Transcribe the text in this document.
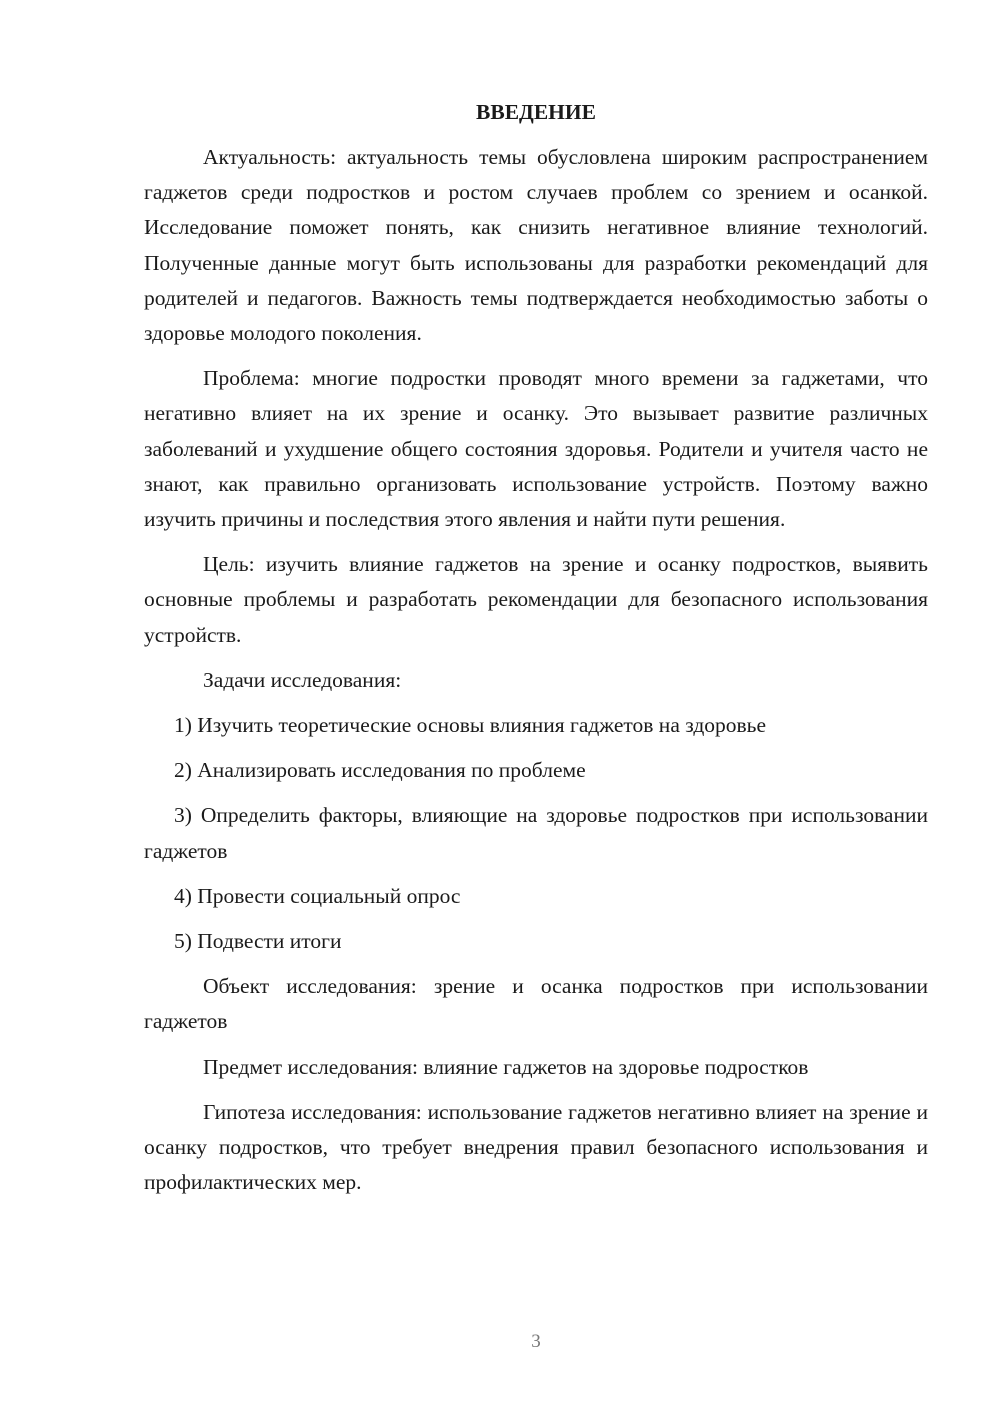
ВВЕДЕНИЕ

Актуальность: актуальность темы обусловлена широким распространением гаджетов среди подростков и ростом случаев проблем со зрением и осанкой. Исследование поможет понять, как снизить негативное влияние технологий. Полученные данные могут быть использованы для разработки рекомендаций для родителей и педагогов. Важность темы подтверждается необходимостью заботы о здоровье молодого поколения.

Проблема: многие подростки проводят много времени за гаджетами, что негативно влияет на их зрение и осанку. Это вызывает развитие различных заболеваний и ухудшение общего состояния здоровья. Родители и учителя часто не знают, как правильно организовать использование устройств. Поэтому важно изучить причины и последствия этого явления и найти пути решения.

Цель: изучить влияние гаджетов на зрение и осанку подростков, выявить основные проблемы и разработать рекомендации для безопасного использования устройств.

Задачи исследования:

1) Изучить теоретические основы влияния гаджетов на здоровье

2) Анализировать исследования по проблеме

3) Определить факторы, влияющие на здоровье подростков при использовании гаджетов

4) Провести социальный опрос

5) Подвести итоги

Объект исследования: зрение и осанка подростков при использовании гаджетов

Предмет исследования: влияние гаджетов на здоровье подростков

Гипотеза исследования: использование гаджетов негативно влияет на зрение и осанку подростков, что требует внедрения правил безопасного использования и профилактических мер.

3
